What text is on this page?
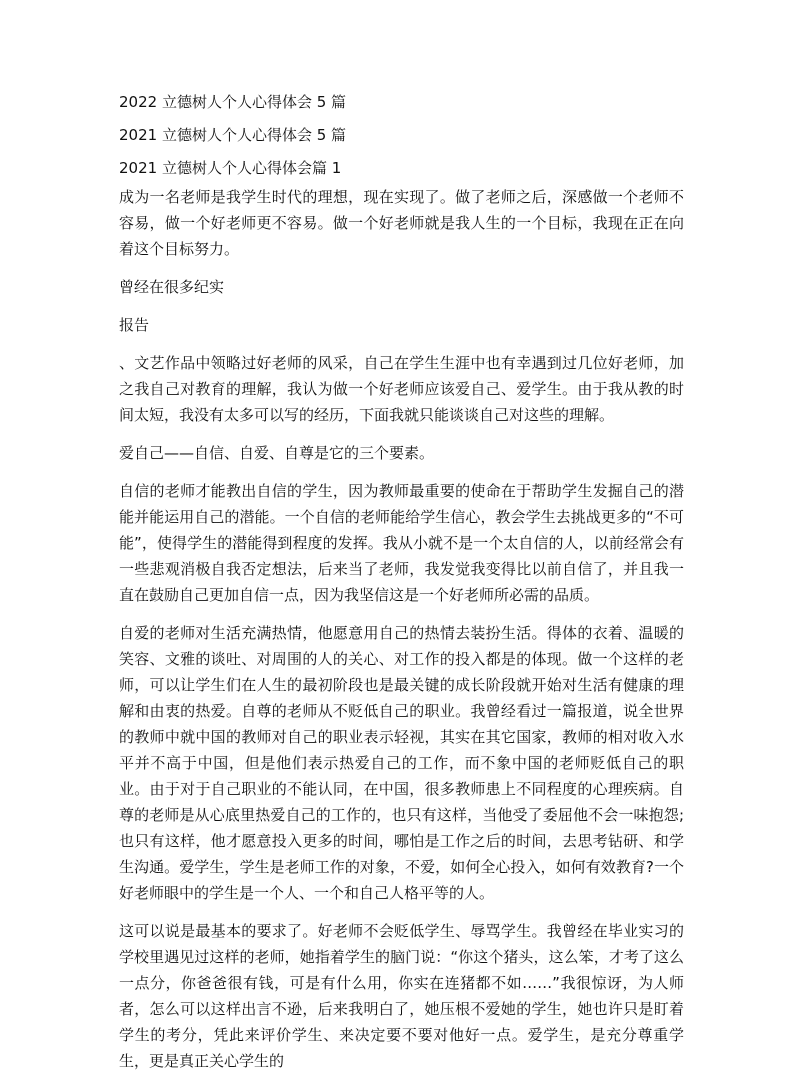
2022 立德树人个人心得体会 5 篇
2021 立德树人个人心得体会 5 篇
2021 立德树人个人心得体会篇 1

成为一名老师是我学生时代的理想，现在实现了。做了老师之后，深感做一个老师不容易，做一个好老师更不容易。做一个好老师就是我人生的一个目标，我现在正在向着这个目标努力。

曾经在很多纪实

报告

、文艺作品中领略过好老师的风采，自己在学生生涯中也有幸遇到过几位好老师，加之我自己对教育的理解，我认为做一个好老师应该爱自己、爱学生。由于我从教的时间太短，我没有太多可以写的经历，下面我就只能谈谈自己对这些的理解。

爱自己——自信、自爱、自尊是它的三个要素。

自信的老师才能教出自信的学生，因为教师最重要的使命在于帮助学生发掘自己的潜能并能运用自己的潜能。一个自信的老师能给学生信心，教会学生去挑战更多的“不可能”，使得学生的潜能得到程度的发挥。我从小就不是一个太自信的人，以前经常会有一些悲观消极自我否定想法，后来当了老师，我发觉我变得比以前自信了，并且我一直在鼓励自己更加自信一点，因为我坚信这是一个好老师所必需的品质。

自爱的老师对生活充满热情，他愿意用自己的热情去装扮生活。得体的衣着、温暖的笑容、文雅的谈吐、对周围的人的关心、对工作的投入都是的体现。做一个这样的老师，可以让学生们在人生的最初阶段也是最关键的成长阶段就开始对生活有健康的理解和由衷的热爱。自尊的老师从不贬低自己的职业。我曾经看过一篇报道，说全世界的教师中就中国的教师对自己的职业表示轻视，其实在其它国家，教师的相对收入水平并不高于中国，但是他们表示热爱自己的工作，而不象中国的老师贬低自己的职业。由于对于自己职业的不能认同，在中国，很多教师患上不同程度的心理疾病。自尊的老师是从心底里热爱自己的工作的，也只有这样，当他受了委屈他不会一味抱怨;也只有这样，他才愿意投入更多的时间，哪怕是工作之后的时间，去思考钻研、和学生沟通。爱学生，学生是老师工作的对象，不爱，如何全心投入，如何有效教育?一个好老师眼中的学生是一个人、一个和自己人格平等的人。

这可以说是最基本的要求了。好老师不会贬低学生、辱骂学生。我曾经在毕业实习的学校里遇见过这样的老师，她指着学生的脑门说：“你这个猪头，这么笨，才考了这么一点分，你爸爸很有钱，可是有什么用，你实在连猪都不如……”我很惊讶，为人师者，怎么可以这样出言不逊，后来我明白了，她压根不爱她的学生，她也许只是盯着学生的考分，凭此来评价学生、来决定要不要对他好一点。爱学生，是充分尊重学生，更是真正关心学生的
